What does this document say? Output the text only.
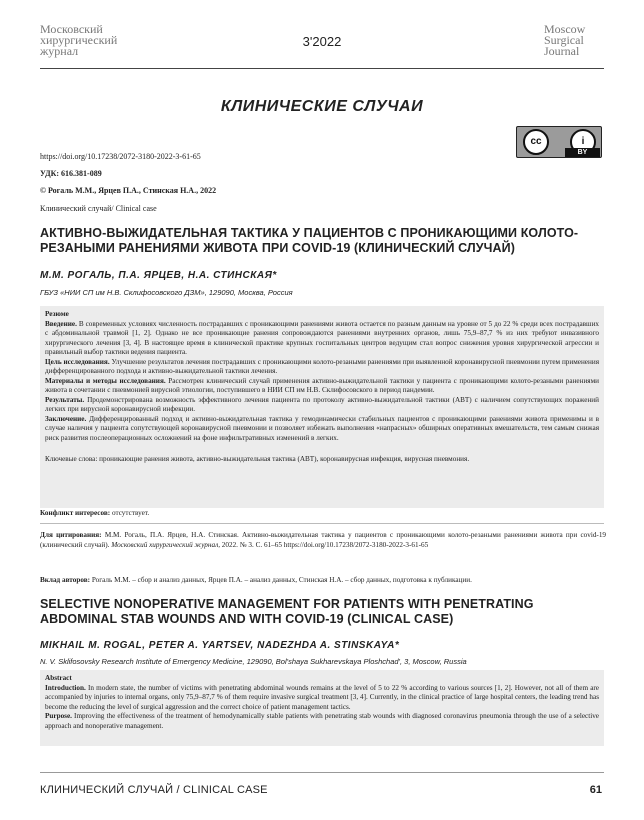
Московский
хирургический
журнал
3'2022
Moscow
Surgical
Journal
КЛИНИЧЕСКИЕ СЛУЧАИ
cc	i
BY
https://doi.org/10.17238/2072-3180-2022-3-61-65
УДК: 616.381-089
© Рогаль М.М., Ярцев П.А., Стинская Н.А., 2022
Клинический случай/ Clinical case
АКТИВНО-ВЫЖИДАТЕЛЬНАЯ ТАКТИКА У ПАЦИЕНТОВ С ПРОНИКАЮЩИМИ КОЛОТО-РЕЗАНЫМИ РАНЕНИЯМИ ЖИВОТА ПРИ COVID-19 (КЛИНИЧЕСКИЙ СЛУЧАЙ)
М.М. РОГАЛЬ, П.А. ЯРЦЕВ, Н.А. СТИНСКАЯ*
ГБУЗ «НИИ СП им Н.В. Склифосовского ДЗМ», 129090, Москва, Россия

Резюме

Введение. В современных условиях численность пострадавших с проникающими ранениями живота остается по разным данным на уровне от 5 до 22 % среди всех пострадавших с абдоминальной травмой [1, 2]. Однако не все проникающие ранения сопровождаются ранениями внутренних органов, лишь 75,9–87,7 % из них требуют инвазивного хирургического лечения [3, 4]. В настоящее время в клинической практике крупных госпитальных центров ведущим стал вопрос снижения уровня хирургической агрессии и правильный выбор тактики ведения пациента.

Цель исследования. Улучшение результатов лечения пострадавших с проникающими колото-резаными ранениями при выявленной коронавирусной пневмонии путем применения дифференцированного подхода и активно-выжидательной тактики лечения.

Материалы и методы исследования. Рассмотрен клинический случай применения активно-выжидательной тактики у пациента с проникающими колото-резаными ранениями живота в сочетании с пневмонией вирусной этиологии, поступившего в НИИ СП им Н.В. Склифосовского в период пандемии.

Результаты. Продемонстрирована возможность эффективного лечения пациента по протоколу активно-выжидательной тактики (АВТ) с наличием сопутствующих поражений легких при вирусной коронавирусной инфекции.

Заключение. Дифференцированный подход и активно-выжидательная тактика у гемодинамически стабильных пациентов с проникающими ранениями живота применимы и в случае наличия у пациента сопутствующей коронавирусной пневмонии и позволяет избежать выполнения «напрасных» обширных оперативных вмешательств, тем самым снижая риск развития послеоперационных осложнений на фоне инфильтративных изменений в легких.

Ключевые слова: проникающие ранения живота, активно-выжидательная тактика (АВТ), коронавирусная инфекция, вирусная пневмония.

Конфликт интересов: отсутствует.
Для цитирования: М.М. Рогаль, П.А. Ярцев, Н.А. Стинская. Активно-выжидательная тактика у пациентов с проникающими колото-резаными ранениями живота при covid-19 (клинический случай). Московский хирургический журнал, 2022. № 3. С. 61–65 https://doi.org/10.17238/2072-3180-2022-3-61-65
Вклад авторов: Рогаль М.М. – сбор и анализ данных, Ярцев П.А. – анализ данных, Стинская Н.А. – сбор данных, подготовка к публикации.
SELECTIVE NONOPERATIVE MANAGEMENT FOR PATIENTS WITH PENETRATING ABDOMINAL STAB WOUNDS AND WITH COVID-19 (CLINICAL CASE)
MIKHAIL M. ROGAL, PETER A. YARTSEV, NADEZHDA A. STINSKAYA*
N. V. Sklifosovsky Research Institute of Emergency Medicine, 129090, Bol'shaya Sukharevskaya Ploshchad', 3, Moscow, Russia

Abstract

Introduction. In modern state, the number of victims with penetrating abdominal wounds remains at the level of 5 to 22 % according to various sources [1, 2]. However, not all of them are accompanied by injuries to internal organs, only 75,9–87,7 % of them require invasive surgical treatment [3, 4]. Currently, in the clinical practice of large hospital centers, the leading trend has become the reducing the level of surgical aggression and the correct choice of patient management tactics.

Purpose. Improving the effectiveness of the treatment of hemodynamically stable patients with penetrating stab wounds with diagnosed coronavirus pneumonia through the use of a selective approach and nonoperative management.

КЛИНИЧЕСКИЙ СЛУЧАЙ / CLINICAL CASE	61
